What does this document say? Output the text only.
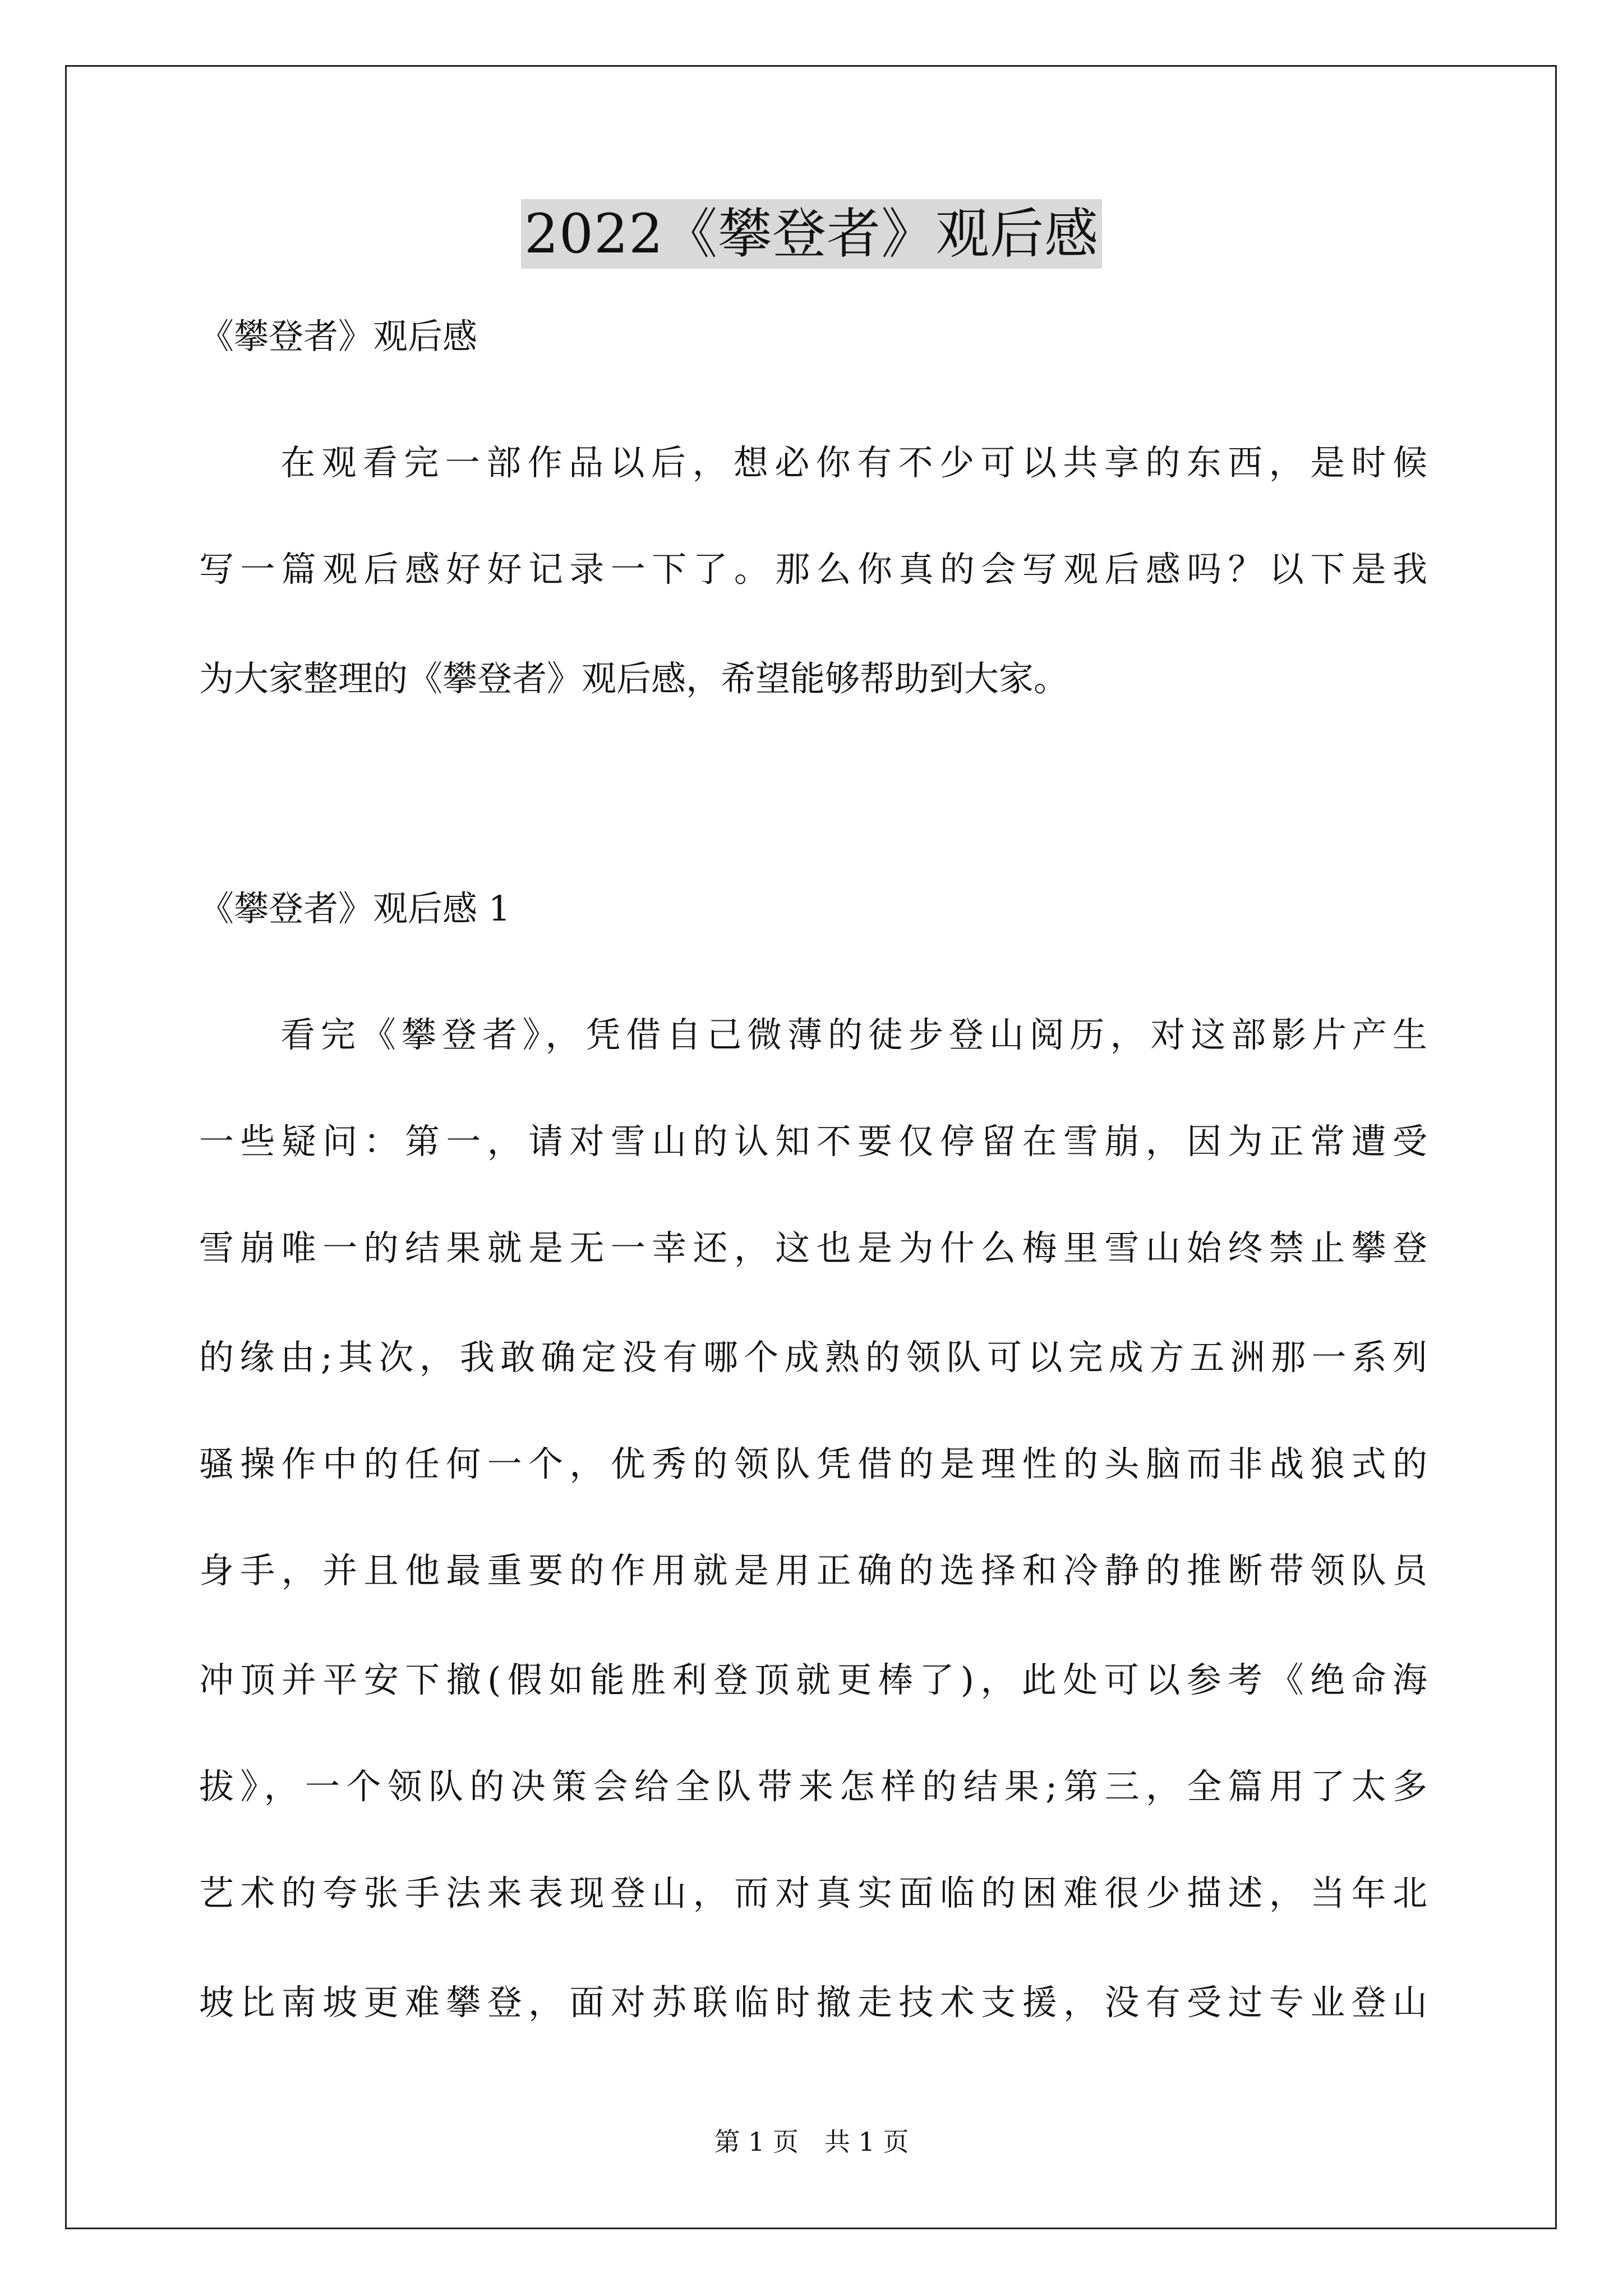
2022《攀登者》观后感
《攀登者》观后感
在观看完一部作品以后，想必你有不少可以共享的东西，是时候
写一篇观后感好好记录一下了。那么你真的会写观后感吗？以下是我
为大家整理的《攀登者》观后感，希望能够帮助到大家。
《攀登者》观后感 1
看完《攀登者》，凭借自己微薄的徒步登山阅历，对这部影片产生
一些疑问：第一，请对雪山的认知不要仅停留在雪崩，因为正常遭受
雪崩唯一的结果就是无一幸还，这也是为什么梅里雪山始终禁止攀登
的缘由;其次，我敢确定没有哪个成熟的领队可以完成方五洲那一系列
骚操作中的任何一个，优秀的领队凭借的是理性的头脑而非战狼式的
身手，并且他最重要的作用就是用正确的选择和冷静的推断带领队员
冲顶并平安下撤(假如能胜利登顶就更棒了)，此处可以参考《绝命海
拔》，一个领队的决策会给全队带来怎样的结果;第三，全篇用了太多
艺术的夸张手法来表现登山，而对真实面临的困难很少描述，当年北
坡比南坡更难攀登，面对苏联临时撤走技术支援，没有受过专业登山
第 1 页　共 1 页
